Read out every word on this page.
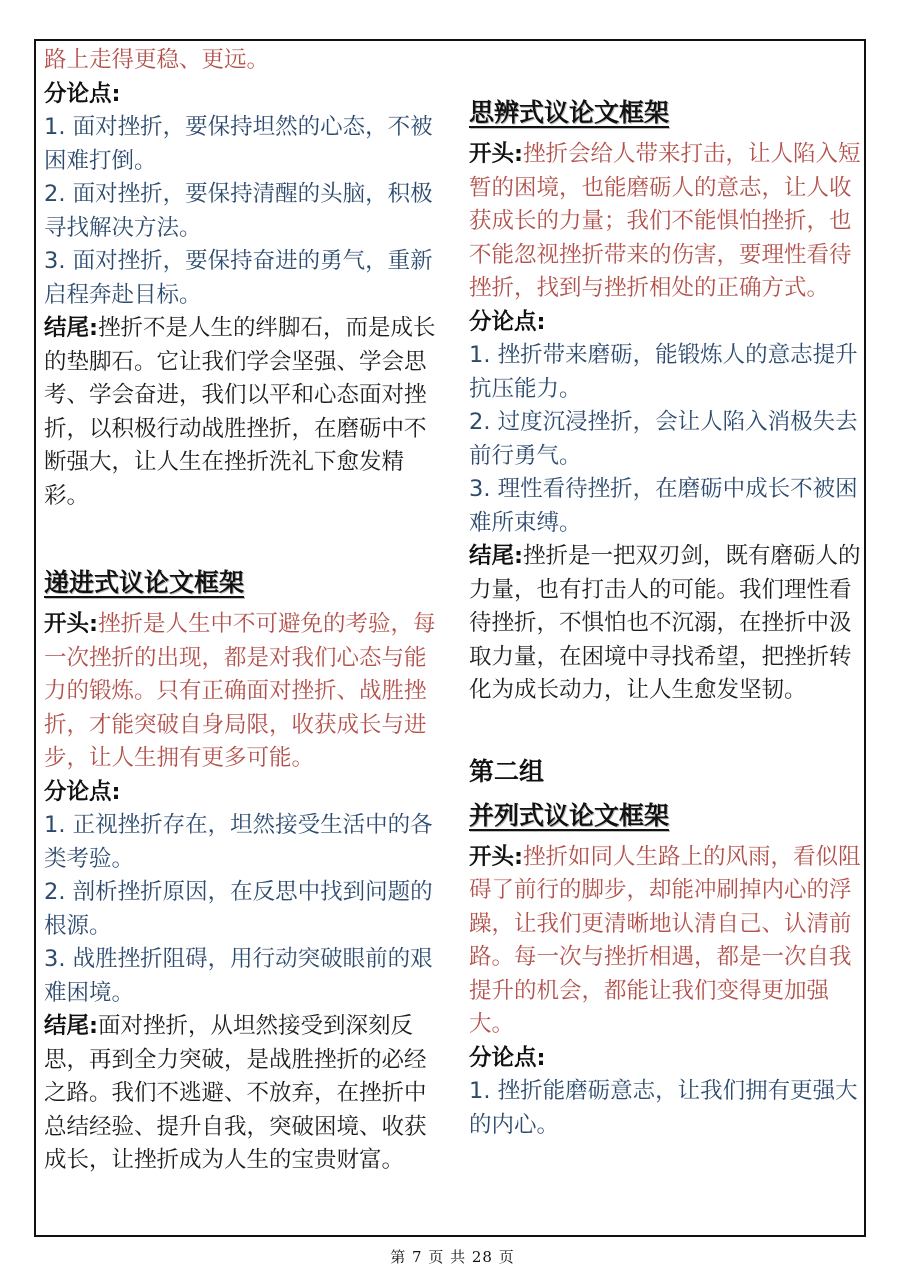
路上走得更稳、更远。

分论点:

1. 面对挫折，要保持坦然的心态，不被困难打倒。

2. 面对挫折，要保持清醒的头脑，积极寻找解决方法。

3. 面对挫折，要保持奋进的勇气，重新启程奔赴目标。

结尾:挫折不是人生的绊脚石，而是成长的垫脚石。它让我们学会坚强、学会思考、学会奋进，我们以平和心态面对挫折，以积极行动战胜挫折，在磨砺中不断强大，让人生在挫折洗礼下愈发精彩。

递进式议论文框架

开头:挫折是人生中不可避免的考验，每一次挫折的出现，都是对我们心态与能力的锻炼。只有正确面对挫折、战胜挫折，才能突破自身局限，收获成长与进步，让人生拥有更多可能。

分论点:

1. 正视挫折存在，坦然接受生活中的各类考验。

2. 剖析挫折原因，在反思中找到问题的根源。

3. 战胜挫折阻碍，用行动突破眼前的艰难困境。

结尾:面对挫折，从坦然接受到深刻反思，再到全力突破，是战胜挫折的必经之路。我们不逃避、不放弃，在挫折中总结经验、提升自我，突破困境、收获成长，让挫折成为人生的宝贵财富。

思辨式议论文框架

开头:挫折会给人带来打击，让人陷入短暂的困境，也能磨砺人的意志，让人收获成长的力量；我们不能惧怕挫折，也不能忽视挫折带来的伤害，要理性看待挫折，找到与挫折相处的正确方式。

分论点:

1. 挫折带来磨砺，能锻炼人的意志提升抗压能力。

2. 过度沉浸挫折，会让人陷入消极失去前行勇气。

3. 理性看待挫折，在磨砺中成长不被困难所束缚。

结尾:挫折是一把双刃剑，既有磨砺人的力量，也有打击人的可能。我们理性看待挫折，不惧怕也不沉溺，在挫折中汲取力量，在困境中寻找希望，把挫折转化为成长动力，让人生愈发坚韧。

第二组

并列式议论文框架

开头:挫折如同人生路上的风雨，看似阻碍了前行的脚步，却能冲刷掉内心的浮躁，让我们更清晰地认清自己、认清前路。每一次与挫折相遇，都是一次自我提升的机会，都能让我们变得更加强大。

分论点:

1. 挫折能磨砺意志，让我们拥有更强大的内心。

第 7 页 共 28 页
